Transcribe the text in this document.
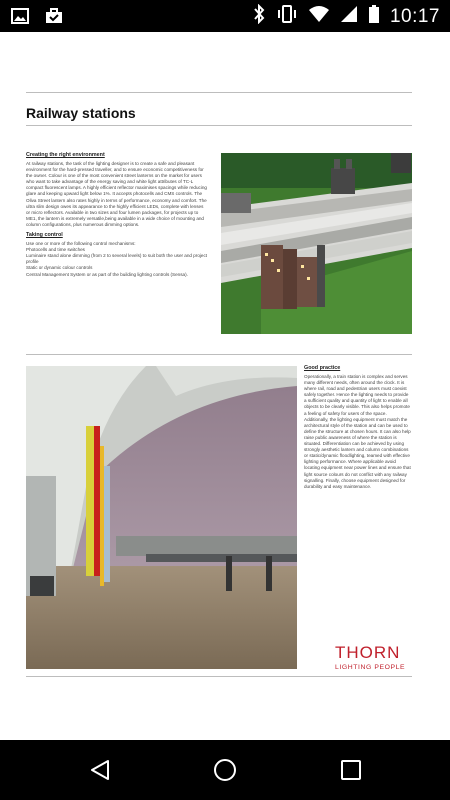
10:17
Railway stations
Creating the right environment
At railway stations, the task of the lighting designer is to create a safe and pleasant environment for the hard-pressed traveller, and to ensure economic competitiveness for the owner. Colour is one of the most convenient street lanterns on the market for users who want to take advantage of the energy saving and white light attributes of TC-L compact fluorescent lamps. A highly efficient reflector maximises spacings while reducing glare and keeping upward light below 1%. It accepts photocells and CMS controls. The Oliva Street lantern also rates highly in terms of performance, economy and comfort. The ultra slim design owes its appearance to the highly efficient LEDs, complete with lenses or micro reflectors. Available in two sizes and four lumen packages, for projects up to ME1, the lantern is extremely versatile,being available in a wide choice of mounting and column configurations, plus numerous dimming options.
Taking control
Use one or more of the following control mechanisms:
Photocells and time switches
Luminaire stand alone dimming (from 2 to several levels) to suit both the user and project profile
Static or dynamic colour controls
Central Management System or as part of the building lighting controls (Sensa).
Good practice
Operationally, a train station is complex and serves many different needs, often around the clock. It is where rail, road and pedestrian users must coexist safely together. Hence the lighting needs to provide a sufficient quality and quantity of light to enable all objects to be clearly visible. This also helps promote a feeling of safety for users of the space. Additionally, the lighting equipment must match the architectural style of the station and can be used to define the structure at chosen hours. It can also help raise public awareness of where the station is situated. Differentiation can be achieved by using strongly aesthetic lantern and column combinations or static/dynamic floodlighting, teamed with effective lighting performance. Where applicable avoid locating equipment near power lines and ensure that light source colours do not conflict with any railway signalling. Finally, choose equipment designed for durability and easy maintenance.
THORN
LIGHTING PEOPLE
